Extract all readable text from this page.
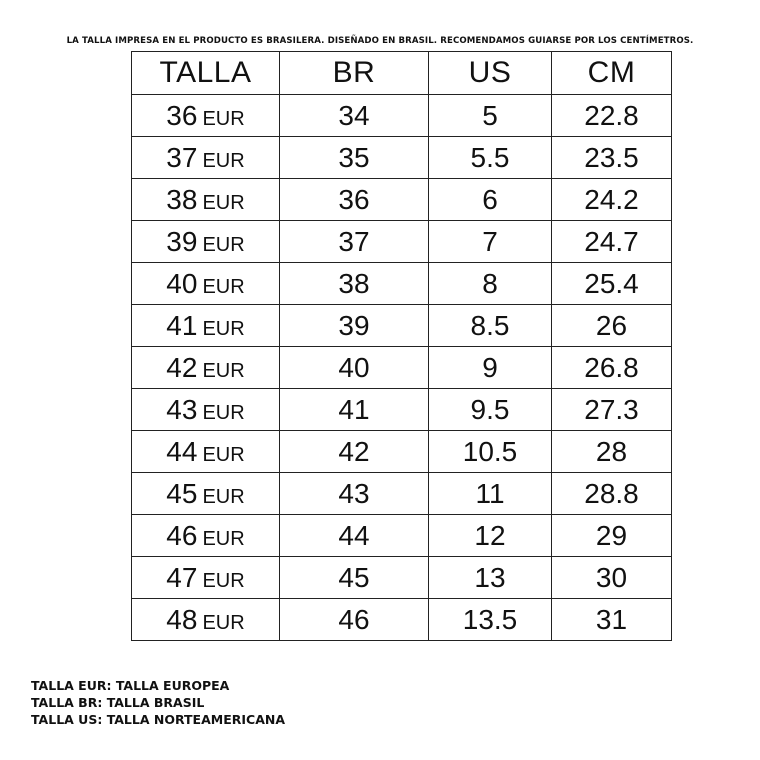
LA TALLA IMPRESA EN EL PRODUCTO ES BRASILERA. DISEÑADO EN BRASIL. RECOMENDAMOS GUIARSE POR LOS CENTÍMETROS.
TALLA	BR	US	CM
36 EUR	34	5	22.8
37 EUR	35	5.5	23.5
38 EUR	36	6	24.2
39 EUR	37	7	24.7
40 EUR	38	8	25.4
41 EUR	39	8.5	26
42 EUR	40	9	26.8
43 EUR	41	9.5	27.3
44 EUR	42	10.5	28
45 EUR	43	11	28.8
46 EUR	44	12	29
47 EUR	45	13	30
48 EUR	46	13.5	31
TALLA EUR: TALLA EUROPEA
TALLA BR: TALLA BRASIL
TALLA US: TALLA NORTEAMERICANA
